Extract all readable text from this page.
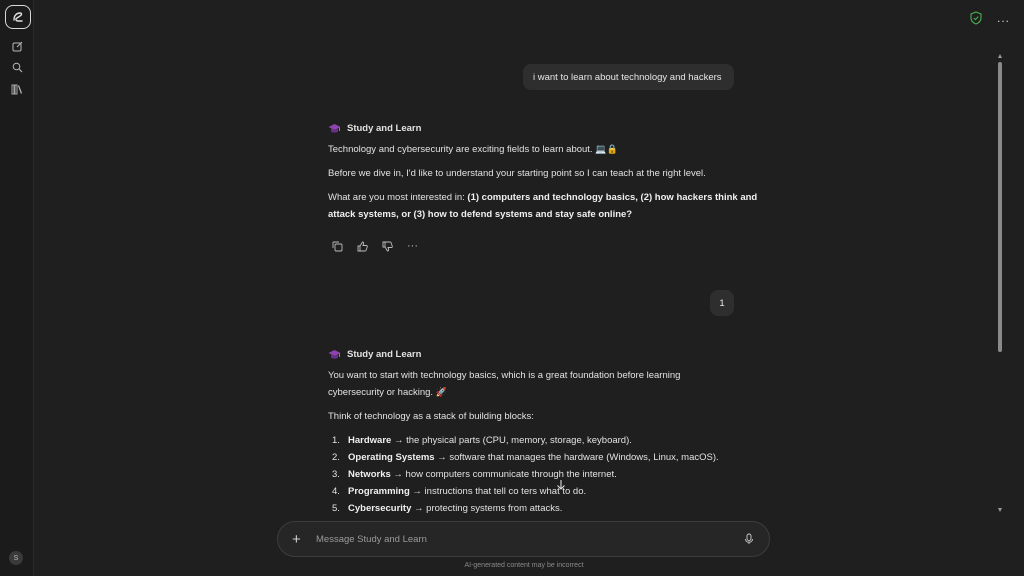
S
...
i want to learn about technology and hackers
Study and Learn

Technology and cybersecurity are exciting fields to learn about. 💻🔒

Before we dive in, I'd like to understand your starting point so I can teach at the right level.

What are you most interested in: (1) computers and technology basics, (2) how hackers think and attack systems, or (3) how to defend systems and stay safe online?

···
1
Study and Learn

You want to start with technology basics, which is a great foundation before learning cybersecurity or hacking. 🚀

Think of technology as a stack of building blocks:

1. Hardware → the physical parts (CPU, memory, storage, keyboard).
2. Operating Systems → software that manages the hardware (Windows, Linux, macOS).
3. Networks → how computers communicate through the internet.
4. Programming → instructions that tell co ters what to do.
5. Cybersecurity → protecting systems from attacks.
+
Message Study and Learn
AI-generated content may be incorrect
